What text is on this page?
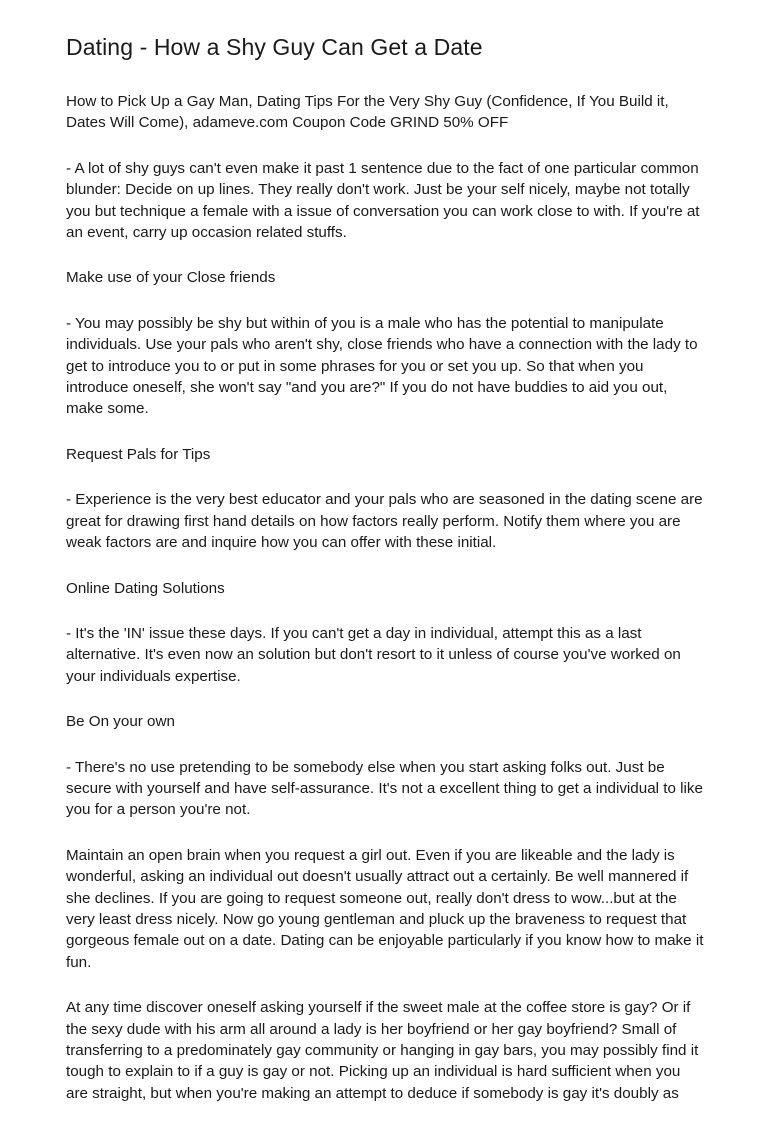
Dating - How a Shy Guy Can Get a Date

How to Pick Up a Gay Man, Dating Tips For the Very Shy Guy (Confidence, If You Build it, Dates Will Come), adameve.com Coupon Code GRIND 50% OFF

- A lot of shy guys can't even make it past 1 sentence due to the fact of one particular common blunder: Decide on up lines. They really don't work. Just be your self nicely, maybe not totally you but technique a female with a issue of conversation you can work close to with. If you're at an event, carry up occasion related stuffs.

Make use of your Close friends

- You may possibly be shy but within of you is a male who has the potential to manipulate individuals. Use your pals who aren't shy, close friends who have a connection with the lady to get to introduce you to or put in some phrases for you or set you up. So that when you introduce oneself, she won't say "and you are?" If you do not have buddies to aid you out, make some.

Request Pals for Tips

- Experience is the very best educator and your pals who are seasoned in the dating scene are great for drawing first hand details on how factors really perform. Notify them where you are weak factors are and inquire how you can offer with these initial.

Online Dating Solutions

- It's the 'IN' issue these days. If you can't get a day in individual, attempt this as a last alternative. It's even now an solution but don't resort to it unless of course you've worked on your individuals expertise.

Be On your own

- There's no use pretending to be somebody else when you start asking folks out. Just be secure with yourself and have self-assurance. It's not a excellent thing to get a individual to like you for a person you're not.

Maintain an open brain when you request a girl out. Even if you are likeable and the lady is wonderful, asking an individual out doesn't usually attract out a certainly. Be well mannered if she declines. If you are going to request someone out, really don't dress to wow...but at the very least dress nicely. Now go young gentleman and pluck up the braveness to request that gorgeous female out on a date. Dating can be enjoyable particularly if you know how to make it fun.

At any time discover oneself asking yourself if the sweet male at the coffee store is gay? Or if the sexy dude with his arm all around a lady is her boyfriend or her gay boyfriend? Small of transferring to a predominately gay community or hanging in gay bars, you may possibly find it tough to explain to if a guy is gay or not. Picking up an individual is hard sufficient when you are straight, but when you're making an attempt to deduce if somebody is gay it's doubly as
